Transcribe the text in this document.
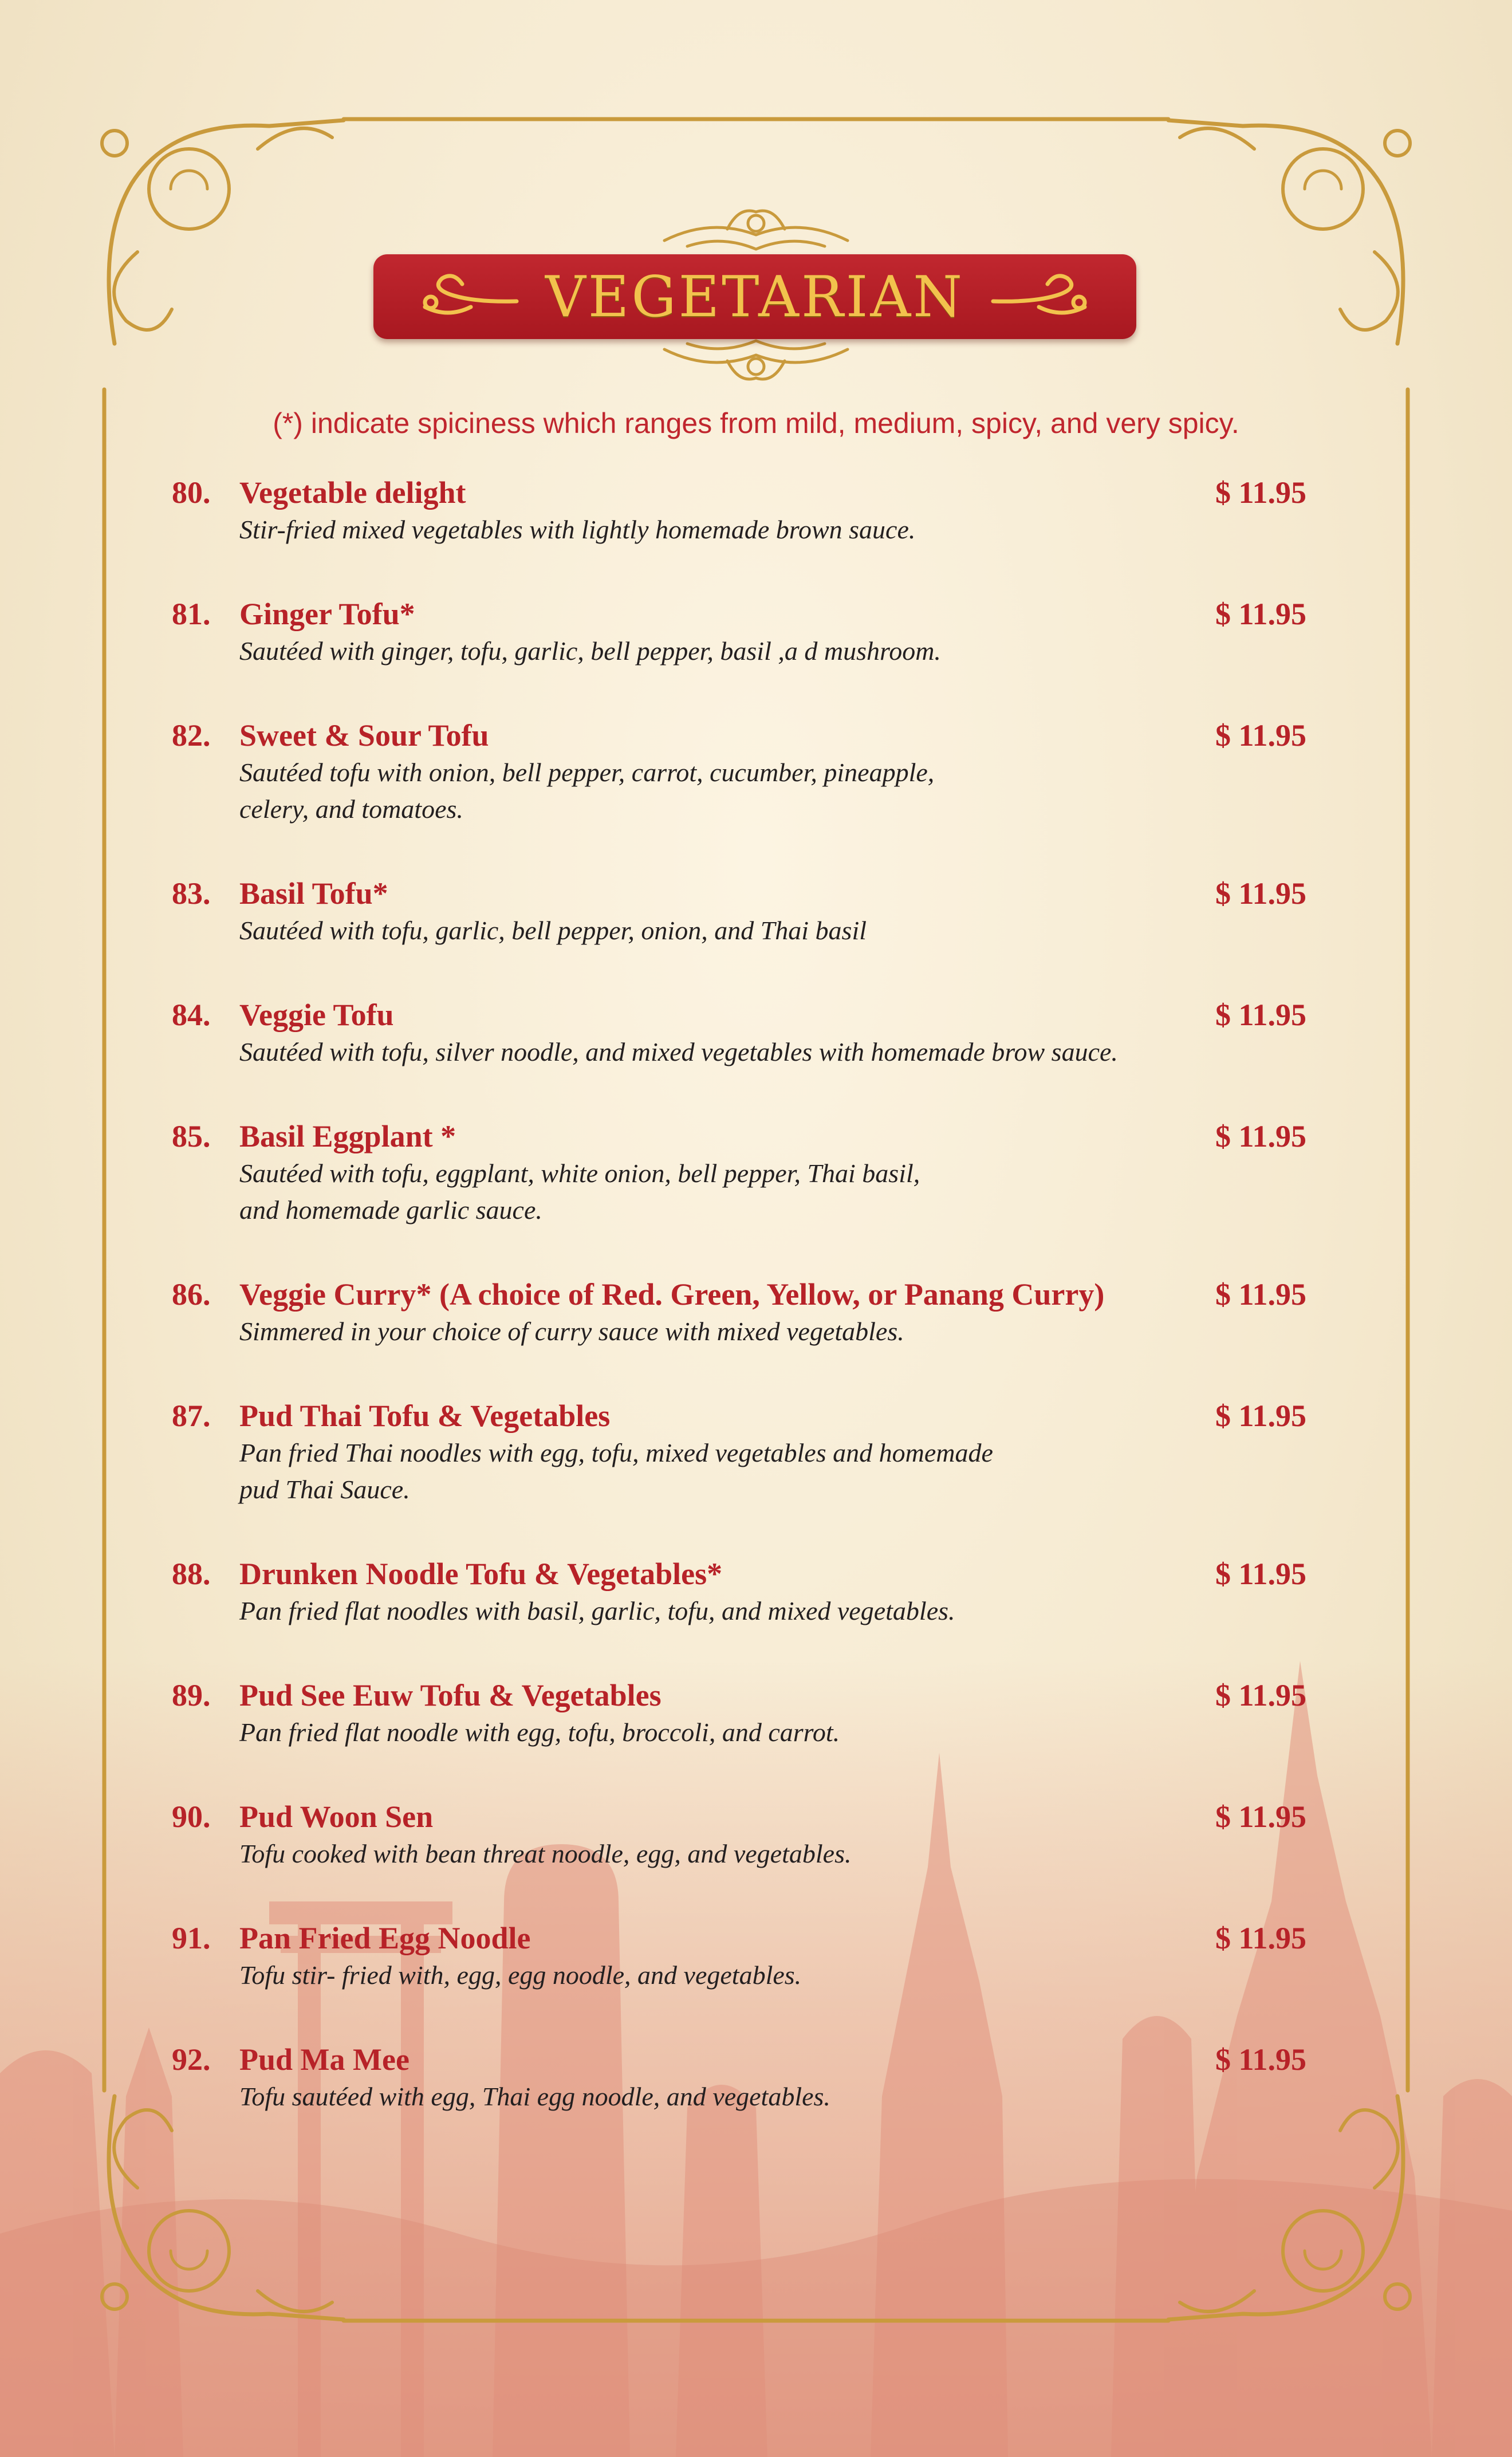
VEGETARIAN
(*) indicate spiciness which ranges from mild, medium, spicy, and very spicy.
80. Vegetable delight	$ 11.95
Stir-fried mixed vegetables with lightly homemade brown sauce.
81. Ginger Tofu*	$ 11.95
Sautéed with ginger, tofu, garlic, bell pepper, basil ,a d mushroom.
82. Sweet & Sour Tofu	$ 11.95
Sautéed tofu with onion, bell pepper, carrot, cucumber, pineapple,
celery, and tomatoes.
83. Basil Tofu*	$ 11.95
Sautéed with tofu, garlic, bell pepper, onion, and Thai basil
84. Veggie Tofu	$ 11.95
Sautéed with tofu, silver noodle, and mixed vegetables with homemade brow sauce.
85. Basil Eggplant *	$ 11.95
Sautéed with tofu, eggplant, white onion, bell pepper, Thai basil,
and homemade garlic sauce.
86. Veggie Curry* (A choice of Red. Green, Yellow, or Panang Curry)	$ 11.95
Simmered in your choice of curry sauce with mixed vegetables.
87. Pud Thai Tofu & Vegetables	$ 11.95
Pan fried Thai noodles with egg, tofu, mixed vegetables and homemade
pud Thai Sauce.
88. Drunken Noodle Tofu & Vegetables*	$ 11.95
Pan fried flat noodles with basil, garlic, tofu, and mixed vegetables.
89. Pud See Euw Tofu & Vegetables	$ 11.95
Pan fried flat noodle with egg, tofu, broccoli, and carrot.
90. Pud Woon Sen	$ 11.95
Tofu cooked with bean threat noodle, egg, and vegetables.
91. Pan Fried Egg Noodle	$ 11.95
Tofu stir- fried with, egg, egg noodle, and vegetables.
92. Pud Ma Mee	$ 11.95
Tofu sautéed with egg, Thai egg noodle, and vegetables.
